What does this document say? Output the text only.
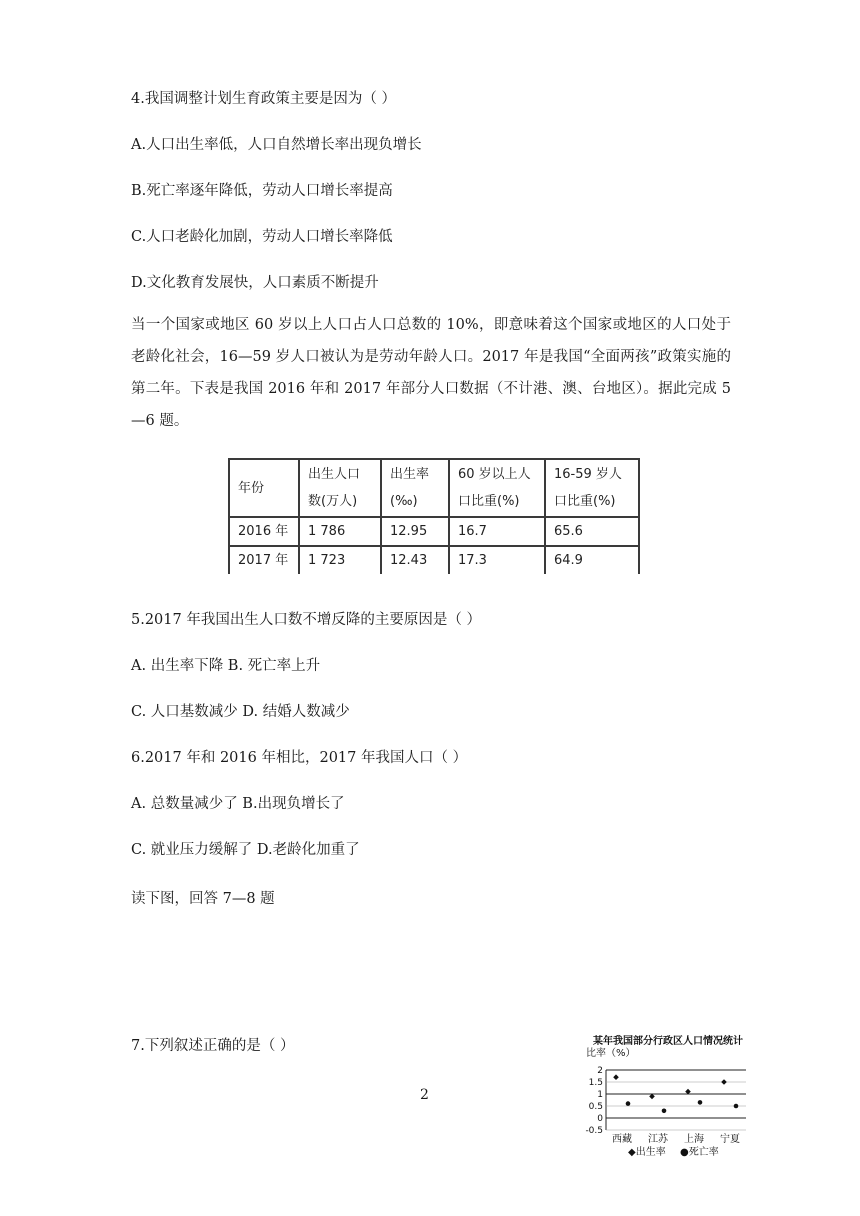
4.我国调整计划生育政策主要是因为（ ）
A.人口出生率低，人口自然增长率出现负增长
B.死亡率逐年降低，劳动人口增长率提高
C.人口老龄化加剧，劳动人口增长率降低
D.文化教育发展快，人口素质不断提升
当一个国家或地区 60 岁以上人口占人口总数的 10%，即意味着这个国家或地区的人口处于老龄化社会，16—59 岁人口被认为是劳动年龄人口。2017 年是我国“全面两孩”政策实施的第二年。下表是我国 2016 年和 2017 年部分人口数据（不计港、澳、台地区）。据此完成 5—6 题。
年份	出生人口数(万人)	出生率(‰)	60 岁以上人口比重(%)	16-59 岁人口比重(%)
2016 年	1 786	12.95	16.7	65.6
2017 年	1 723	12.43	17.3	64.9
5.2017 年我国出生人口数不增反降的主要原因是（ ）
A. 出生率下降 B. 死亡率上升
C. 人口基数减少 D. 结婚人数减少
6.2017 年和 2016 年相比，2017 年我国人口（ ）
A. 总数量减少了 B.出现负增长了
C. 就业压力缓解了 D.老龄化加重了
读下图，回答 7—8 题
7.下列叙述正确的是（ ）
2
某年我国部分行政区人口情况统计
比率（%）
2
1.5
1
0.5
0
-0.5
西藏 江苏 上海 宁夏
◆出生率 ●死亡率
